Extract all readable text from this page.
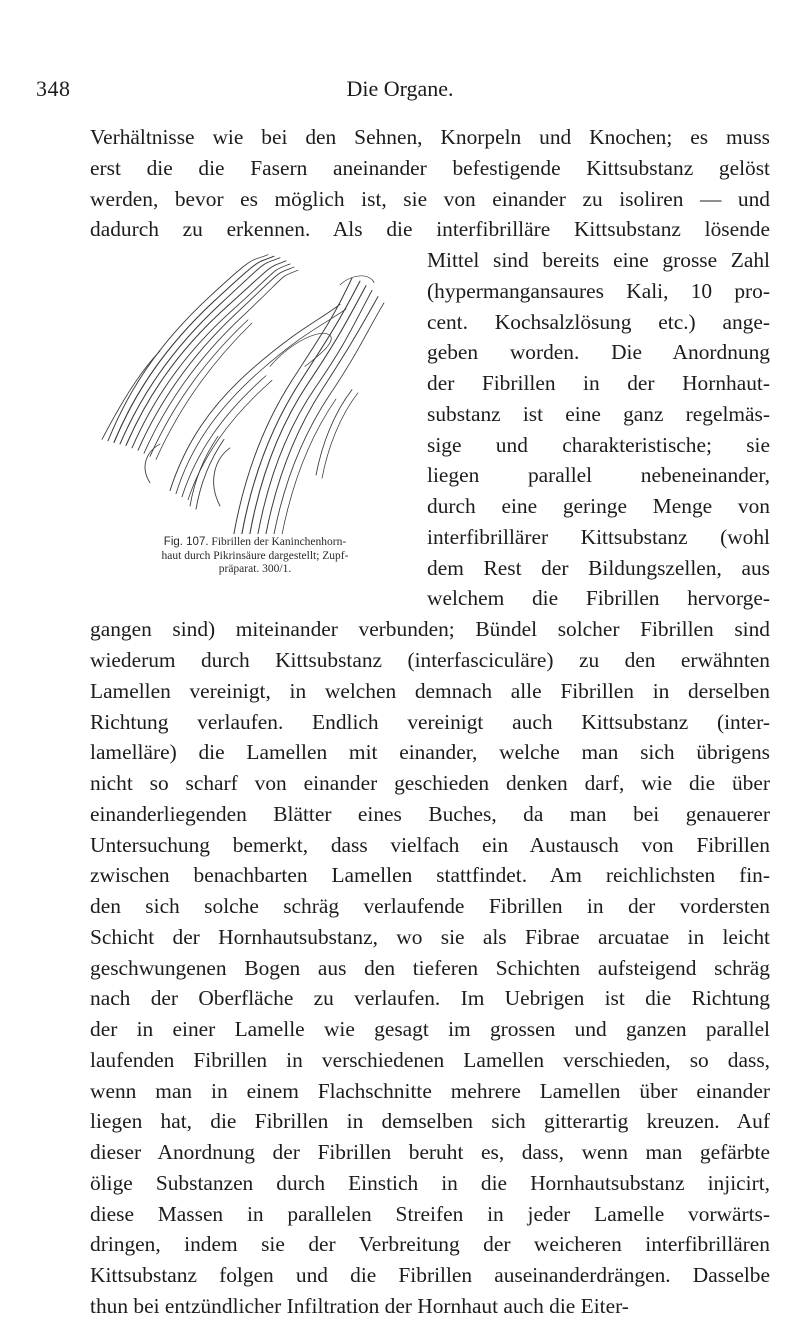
348	Die Organe.
Verhältnisse wie bei den Sehnen, Knorpeln und Knochen; es muss
erst die die Fasern aneinander befestigende Kittsubstanz gelöst
werden, bevor es möglich ist, sie von einander zu isoliren — und
dadurch zu erkennen. Als die interfibrilläre Kittsubstanz lösende
Mittel sind bereits eine grosse Zahl
(hypermangansaures Kali, 10 pro-
cent. Kochsalzlösung etc.) ange-
geben worden. Die Anordnung
der Fibrillen in der Hornhaut-
substanz ist eine ganz regelmäs-
sige und charakteristische; sie
liegen parallel nebeneinander,
durch eine geringe Menge von
interfibrillärer Kittsubstanz (wohl
dem Rest der Bildungszellen, aus
welchem die Fibrillen hervorge-
Fig. 107. Fibrillen der Kaninchenhorn-
haut durch Pikrinsäure dargestellt; Zupf-
präparat. 300/1.
gangen sind) miteinander verbunden; Bündel solcher Fibrillen sind
wiederum durch Kittsubstanz (interfasciculäre) zu den erwähnten
Lamellen vereinigt, in welchen demnach alle Fibrillen in derselben
Richtung verlaufen. Endlich vereinigt auch Kittsubstanz (inter-
lamelläre) die Lamellen mit einander, welche man sich übrigens
nicht so scharf von einander geschieden denken darf, wie die über
einanderliegenden Blätter eines Buches, da man bei genauerer
Untersuchung bemerkt, dass vielfach ein Austausch von Fibrillen
zwischen benachbarten Lamellen stattfindet. Am reichlichsten fin-
den sich solche schräg verlaufende Fibrillen in der vordersten
Schicht der Hornhautsubstanz, wo sie als Fibrae arcuatae in leicht
geschwungenen Bogen aus den tieferen Schichten aufsteigend schräg
nach der Oberfläche zu verlaufen. Im Uebrigen ist die Richtung
der in einer Lamelle wie gesagt im grossen und ganzen parallel
laufenden Fibrillen in verschiedenen Lamellen verschieden, so dass,
wenn man in einem Flachschnitte mehrere Lamellen über einander
liegen hat, die Fibrillen in demselben sich gitterartig kreuzen. Auf
dieser Anordnung der Fibrillen beruht es, dass, wenn man gefärbte
ölige Substanzen durch Einstich in die Hornhautsubstanz injicirt,
diese Massen in parallelen Streifen in jeder Lamelle vorwärts-
dringen, indem sie der Verbreitung der weicheren interfibrillären
Kittsubstanz folgen und die Fibrillen auseinanderdrängen. Dasselbe
thun bei entzündlicher Infiltration der Hornhaut auch die Eiter-
